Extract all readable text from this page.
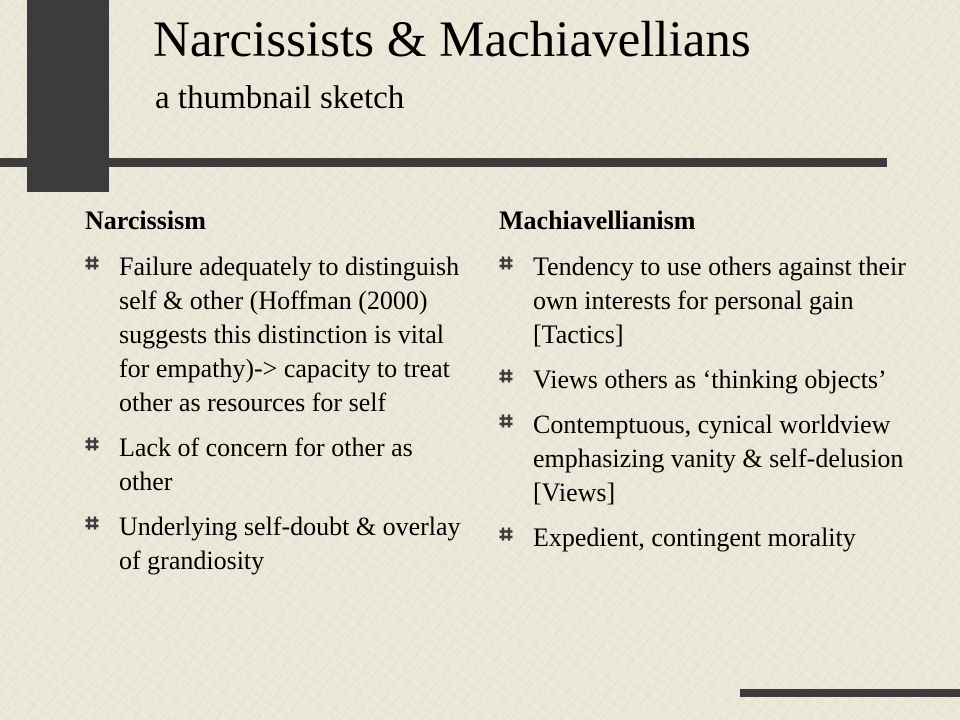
Narcissists & Machiavellians
a thumbnail sketch
Narcissism
Failure adequately to distinguish self & other (Hoffman (2000) suggests this distinction is vital for empathy)-> capacity to treat other as resources for self
Lack of concern for other as other
Underlying self-doubt & overlay of grandiosity
Machiavellianism
Tendency to use others against their own interests for personal gain [Tactics]
Views others as ‘thinking objects’
Contemptuous, cynical worldview emphasizing vanity & self-delusion [Views]
Expedient, contingent morality
